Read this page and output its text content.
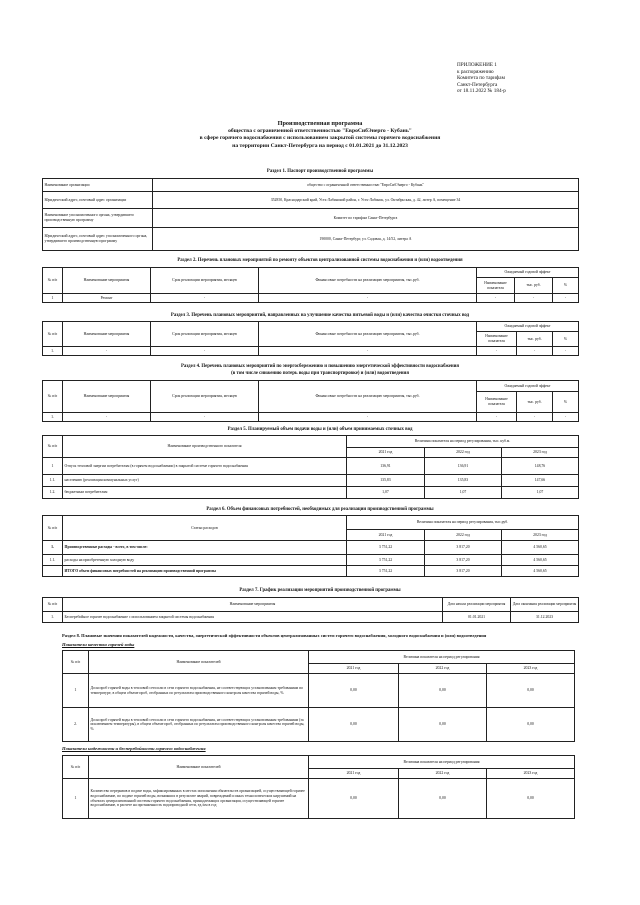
ПРИЛОЖЕНИЕ 1
к распоряжению
Комитета по тарифам
Санкт-Петербурга
от 18.11.2022 № 184-р
Производственная программа
общества с ограниченной ответственностью "ЕвроСибЭнерго - Кубань"
в сфере горячего водоснабжения с использованием закрытой системы горячего водоснабжения
на территории Санкт-Петербурга на период с 01.01.2021 до 31.12.2023
Раздел 1. Паспорт производственной программы
Наименование организации	общество с ограниченной ответственностью "ЕвроСибЭнерго - Кубань"
Юридический адрес, почтовый адрес организации	352850, Краснодарский край, Усть-Лабинский район, г. Усть-Лабинск, ул. Октябрьская, д. 42, литер А, помещение 34
Наименование уполномоченного органа, утвердившего производственную программу	Комитет по тарифам Санкт-Петербурга
Юридический адрес, почтовый адрес уполномоченного органа, утвердившего производственную программу	190000, Санкт-Петербург, ул. Садовая, д. 14/52, литера А
Раздел 2. Перечень плановых мероприятий по ремонту объектов централизованной системы водоснабжения и (или) водоотведения
№ п/п	Наименование мероприятия	Срок реализации мероприятия, месяцев	Финансовые потребности на реализацию мероприятия, тыс.руб.	Ожидаемый годовой эффект		
				Наименование показателя	тыс. руб.	%
1	Ремонт	-	-	-	-	-
Раздел 3. Перечень плановых мероприятий, направленных на улучшение качества питьевой воды и (или) качества очистки сточных вод
№ п/п	Наименование мероприятия	Срок реализации мероприятия, месяцев	Финансовые потребности на реализацию мероприятия, тыс.руб.	Ожидаемый годовой эффект		
				Наименование показателя	тыс. руб.	%
1.	-	-	-	-	-	-
Раздел 4. Перечень плановых мероприятий по энергосбережению и повышению энергетической эффективности водоснабжения
(в том числе снижению потерь воды при транспортировке) и (или) водоотведения
№ п/п	Наименование мероприятия	Срок реализации мероприятия, месяцев	Финансовые потребности на реализацию мероприятия, тыс.руб.	Ожидаемый годовой эффект		
				Наименование показателя	тыс. руб.	%
1.	-	-	-	-	-	-
Раздел 5. Планируемый объем подачи воды и (или) объем принимаемых сточных вод
№ п/п	Наименование производственного показателя	Величина показателя на период регулирования, тыс. куб.м.		
		2021 год	2022 год	2023 год
1	Отпуск тепловой энергии потребителям (в горячем водоснабжении) в закрытой системе горячего водоснабжения	136,91	136,91	148,76
1.1.	населению (реализация коммунальных услуг)	135,83	135,83	147,66
1.2.	бюджетным потребителям	1,07	1,07	1,07
Раздел 6. Объем финансовых потребностей, необходимых для реализации производственной программы
№ п/п	Статьи расходов	Величина показателя на период регулирования, тыс.руб.		
		2021 год	2022 год	2023 год
1.	Производственные расходы - всего, в том числе:	3 751,22	3 817,20	4 560,65
1.1.	расходы на приобретенную холодную воду	3 751,22	3 817,20	4 560,65
	ИТОГО объем финансовых потребностей на реализацию производственной программы	3 751,22	3 817,20	4 560,65
Раздел 7. График реализации мероприятий производственной программы
№ п/п	Наименование мероприятия	Дата начала реализации мероприятия	Дата окончания реализации мероприятия
1.	Бесперебойное горячее водоснабжение с использованием закрытой системы водоснабжения	01.01.2021	31.12.2023
Раздел 8. Плановые значения показателей надежности, качества, энергетической эффективности объектов централизованных систем горячего водоснабжения, холодного водоснабжения и (или) водоотведения
Показатели качества горячей воды
№ п/п	Наименование показателей	Величина показателя на период регулирования		
		2021 год	2022 год	2023 год
1	Доля проб горячей воды в тепловой сети или в сети горячего водоснабжения, не соответствующих установленным требованиям по температуре, в общем объеме проб, отобранных по результатам производственного контроля качества горячей воды, %	0,00	0,00	0,00
2.	Доля проб горячей воды в тепловой сети или в сети горячего водоснабжения, не соответствующих установленным требованиям (за исключением температуры), в общем объеме проб, отобранных по результатам производственного контроля качества горячей воды, %	0,00	0,00	0,00
Показатели надежности и бесперебойности горячего водоснабжения
№ п/п	Наименование показателей	Величина показателя на период регулирования		
		2021 год	2022 год	2023 год
1	Количество перерывов в подаче воды, зафиксированных в местах исполнения обязательств организацией, осуществляющей горячее водоснабжение, по подаче горячей воды, возникших в результате аварий, повреждений и иных технологических нарушений на объектах централизованной системы горячего водоснабжения, принадлежащих организации, осуществляющей горячее водоснабжение, в расчете на протяженность водопроводной сети, ед./км в год	0,00	0,00	0,00
